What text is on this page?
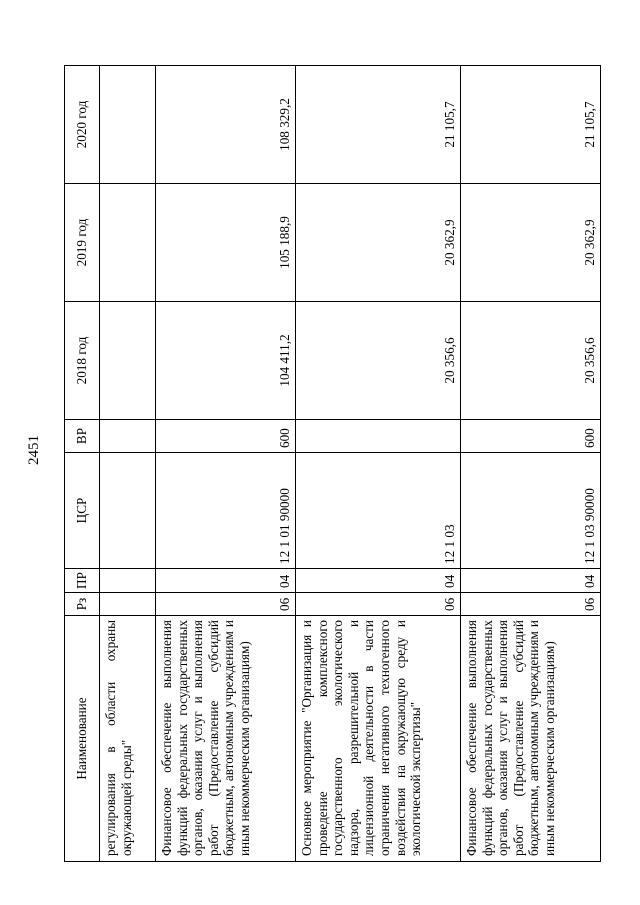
2451
Наименование	Рз	ПР	ЦСР	ВР	2018 год	2019 год	2020 год
регулирования в области охраны окружающей среды"							
Финансовое обеспечение выполнения функций федеральных государственных органов, оказания услуг и выполнения работ (Предоставление субсидий бюджетным, автономным учреждениям и иным некоммерческим организациям)	06	04	12 1 01 90000	600	104 411,2	105 188,9	108 329,2
Основное мероприятие "Организация и проведение комплексного государственного экологического надзора, разрешительной и лицензионной деятельности в части ограничения негативного техногенного воздействия на окружающую среду и экологической экспертизы"	06	04	12 1 03		20 356,6	20 362,9	21 105,7
Финансовое обеспечение выполнения функций федеральных государственных органов, оказания услуг и выполнения работ (Предоставление субсидий бюджетным, автономным учреждениям и иным некоммерческим организациям)	06	04	12 1 03 90000	600	20 356,6	20 362,9	21 105,7
